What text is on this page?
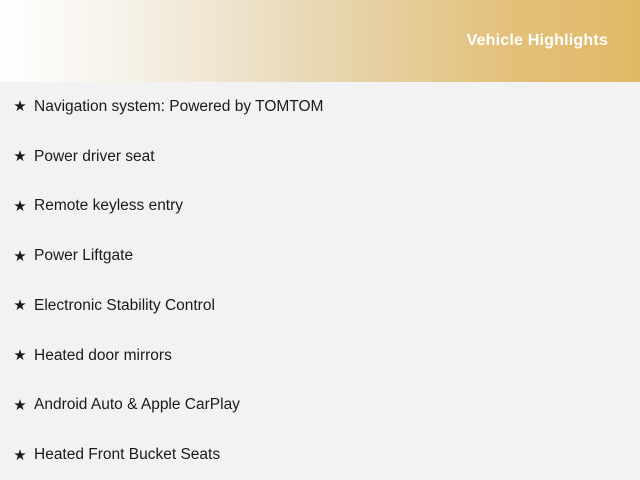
Vehicle Highlights
★ Navigation system: Powered by TOMTOM
★ Power driver seat
★ Remote keyless entry
★ Power Liftgate
★ Electronic Stability Control
★ Heated door mirrors
★ Android Auto & Apple CarPlay
★ Heated Front Bucket Seats
